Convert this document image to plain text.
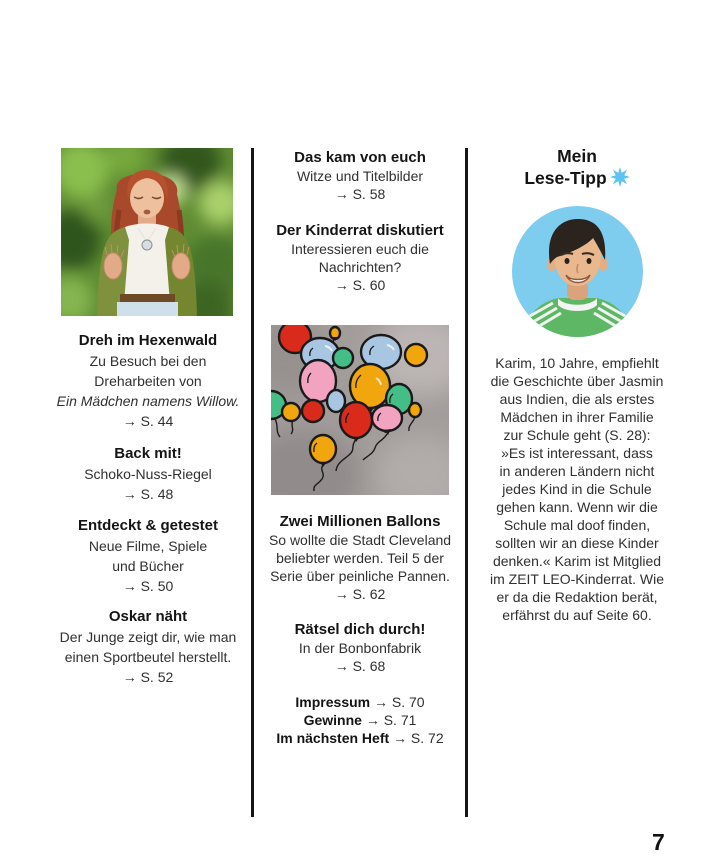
Dreh im Hexenwald
Zu Besuch bei den
Dreharbeiten von
Ein Mädchen namens Willow.
→ S. 44
Back mit!
Schoko-Nuss-Riegel
→ S. 48
Entdeckt & getestet
Neue Filme, Spiele
und Bücher
→ S. 50
Oskar näht
Der Junge zeigt dir, wie man
einen Sportbeutel herstellt.
→ S. 52
Das kam von euch
Witze und Titelbilder
→ S. 58
Der Kinderrat diskutiert
Interessieren euch die
Nachrichten?
→ S. 60
Zwei Millionen Ballons
So wollte die Stadt Cleveland
beliebter werden. Teil 5 der
Serie über peinliche Pannen.
→ S. 62
Rätsel dich durch!
In der Bonbonfabrik
→ S. 68
Impressum → S. 70
Gewinne → S. 71
Im nächsten Heft → S. 72
Mein
Lese-Tipp
Karim, 10 Jahre, empfiehlt
die Geschichte über Jasmin
aus Indien, die als erstes
Mädchen in ihrer Familie
zur Schule geht (S. 28):
»Es ist interessant, dass
in anderen Ländern nicht
jedes Kind in die Schule
gehen kann. Wenn wir die
Schule mal doof finden,
sollten wir an diese Kinder
denken.« Karim ist Mitglied
im ZEIT LEO-Kinderrat. Wie
er da die Redaktion berät,
erfährst du auf Seite 60.
7
